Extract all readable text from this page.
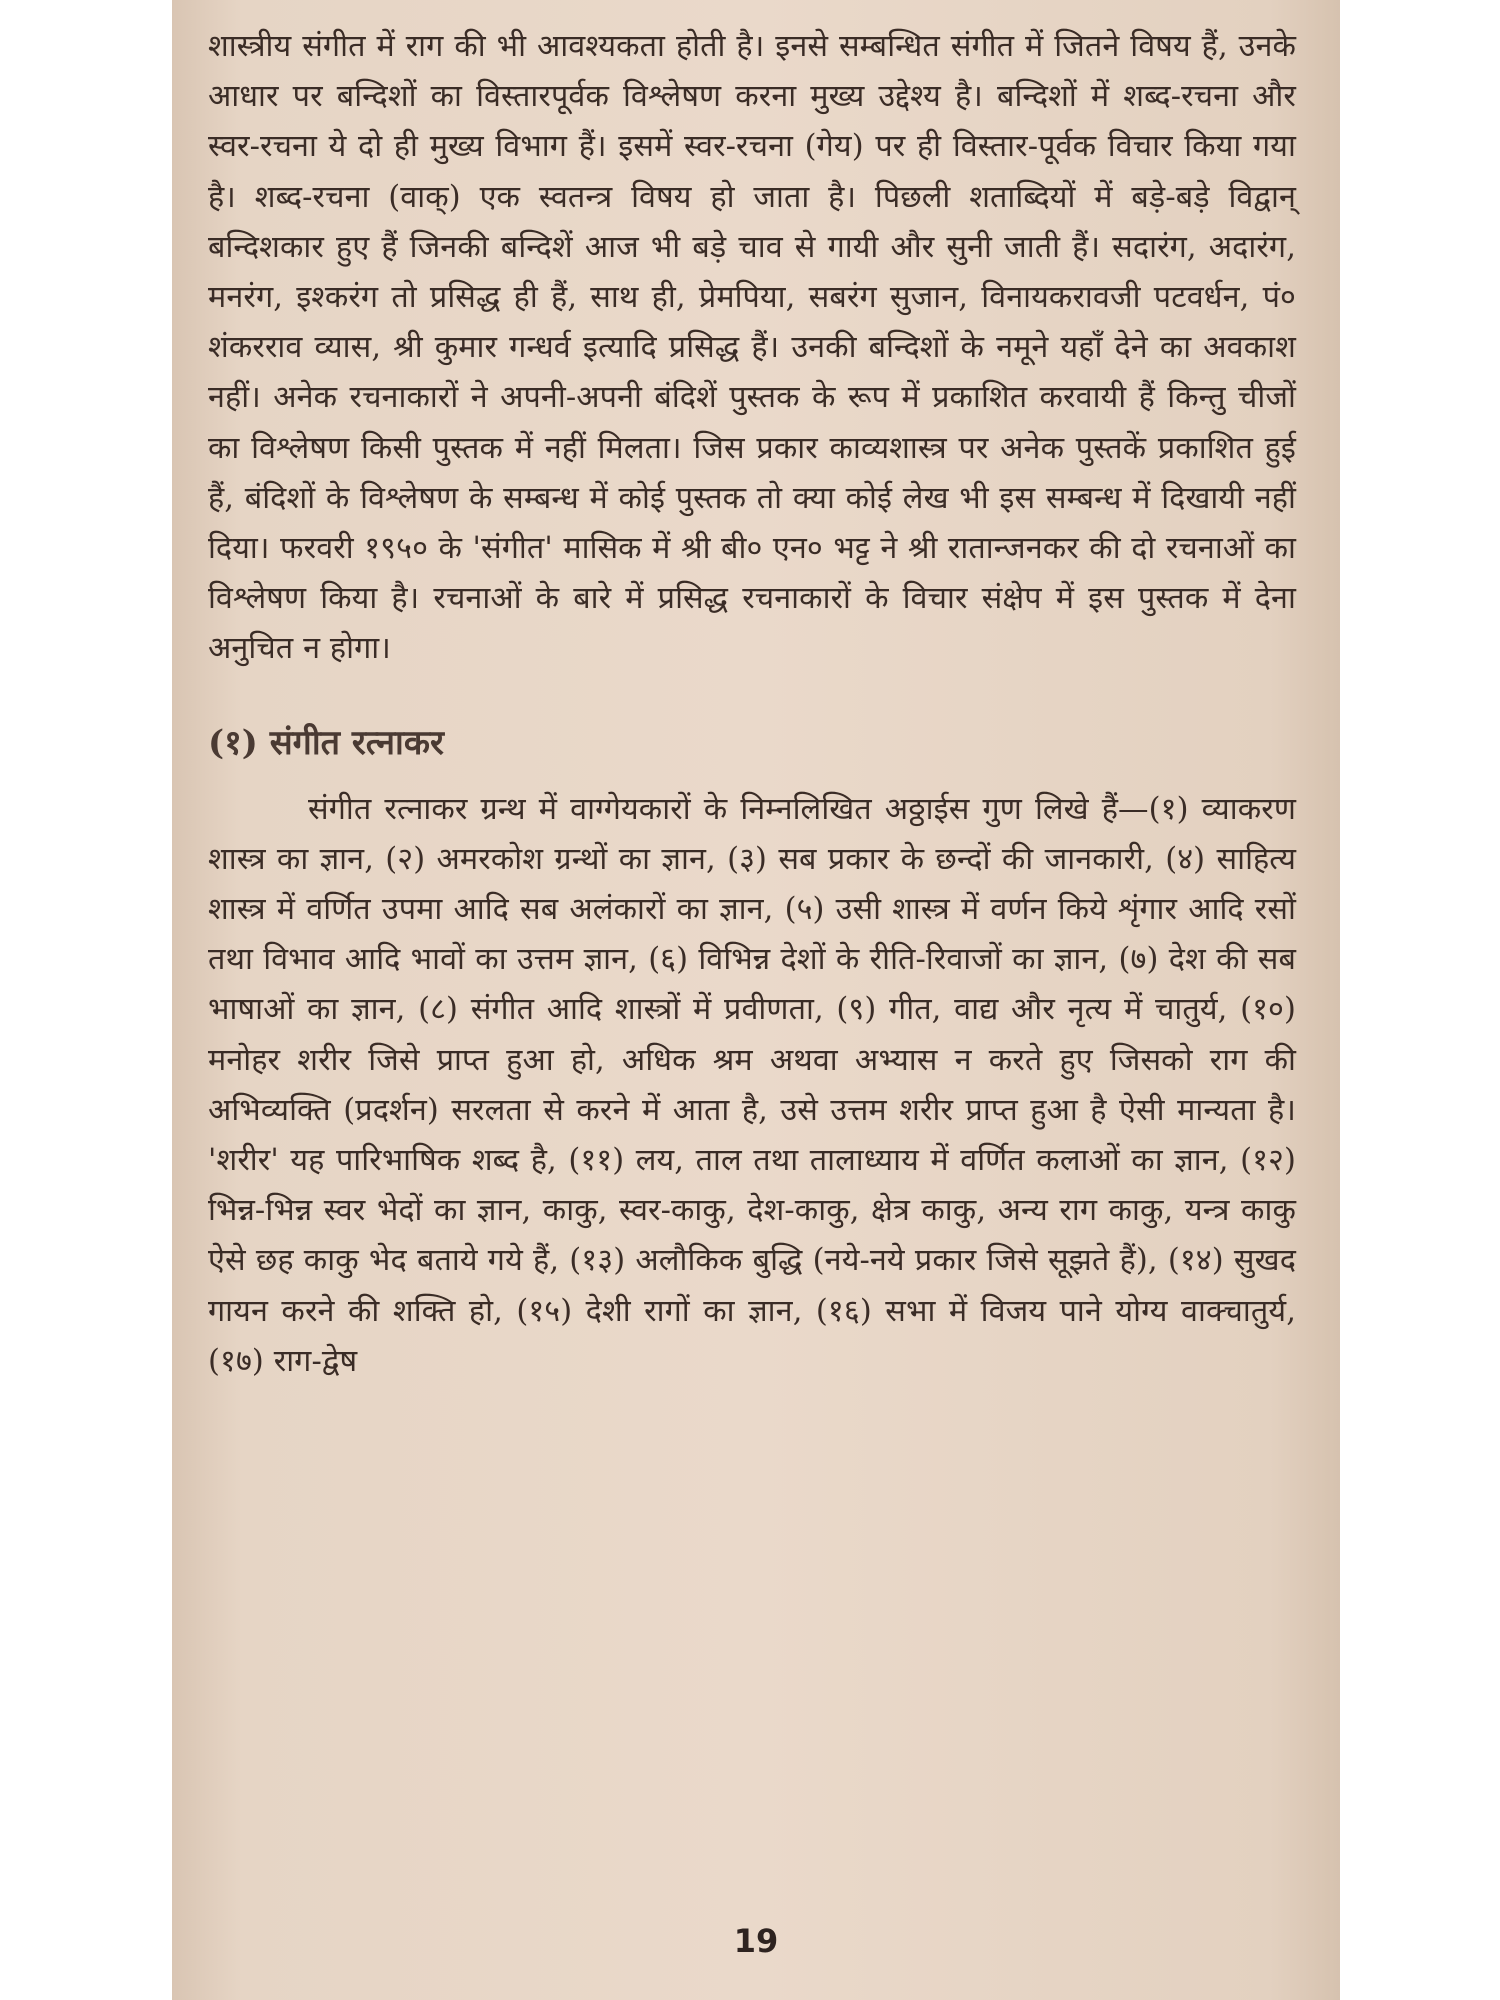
शास्त्रीय संगीत में राग की भी आवश्यकता होती है। इनसे सम्बन्धित संगीत में जितने विषय हैं, उनके आधार पर बन्दिशों का विस्तारपूर्वक विश्लेषण करना मुख्य उद्देश्य है। बन्दिशों में शब्द-रचना और स्वर-रचना ये दो ही मुख्य विभाग हैं। इसमें स्वर-रचना (गेय) पर ही विस्तार-पूर्वक विचार किया गया है। शब्द-रचना (वाक्) एक स्वतन्त्र विषय हो जाता है। पिछली शताब्दियों में बड़े-बड़े विद्वान् बन्दिशकार हुए हैं जिनकी बन्दिशें आज भी बड़े चाव से गायी और सुनी जाती हैं। सदारंग, अदारंग, मनरंग, इश्करंग तो प्रसिद्ध ही हैं, साथ ही, प्रेमपिया, सबरंग सुजान, विनायकरावजी पटवर्धन, पं० शंकरराव व्यास, श्री कुमार गन्धर्व इत्यादि प्रसिद्ध हैं। उनकी बन्दिशों के नमूने यहाँ देने का अवकाश नहीं। अनेक रचनाकारों ने अपनी-अपनी बंदिशें पुस्तक के रूप में प्रकाशित करवायी हैं किन्तु चीजों का विश्लेषण किसी पुस्तक में नहीं मिलता। जिस प्रकार काव्यशास्त्र पर अनेक पुस्तकें प्रकाशित हुई हैं, बंदिशों के विश्लेषण के सम्बन्ध में कोई पुस्तक तो क्या कोई लेख भी इस सम्बन्ध में दिखायी नहीं दिया। फरवरी १९५० के 'संगीत' मासिक में श्री बी० एन० भट्ट ने श्री रातान्जनकर की दो रचनाओं का विश्लेषण किया है। रचनाओं के बारे में प्रसिद्ध रचनाकारों के विचार संक्षेप में इस पुस्तक में देना अनुचित न होगा।

(१) संगीत रत्नाकर

संगीत रत्नाकर ग्रन्थ में वाग्गेयकारों के निम्नलिखित अठ्ठाईस गुण लिखे हैं—(१) व्याकरण शास्त्र का ज्ञान, (२) अमरकोश ग्रन्थों का ज्ञान, (३) सब प्रकार के छन्दों की जानकारी, (४) साहित्य शास्त्र में वर्णित उपमा आदि सब अलंकारों का ज्ञान, (५) उसी शास्त्र में वर्णन किये शृंगार आदि रसों तथा विभाव आदि भावों का उत्तम ज्ञान, (६) विभिन्न देशों के रीति-रिवाजों का ज्ञान, (७) देश की सब भाषाओं का ज्ञान, (८) संगीत आदि शास्त्रों में प्रवीणता, (९) गीत, वाद्य और नृत्य में चातुर्य, (१०) मनोहर शरीर जिसे प्राप्त हुआ हो, अधिक श्रम अथवा अभ्यास न करते हुए जिसको राग की अभिव्यक्ति (प्रदर्शन) सरलता से करने में आता है, उसे उत्तम शरीर प्राप्त हुआ है ऐसी मान्यता है। 'शरीर' यह पारिभाषिक शब्द है, (११) लय, ताल तथा तालाध्याय में वर्णित कलाओं का ज्ञान, (१२) भिन्न-भिन्न स्वर भेदों का ज्ञान, काकु, स्वर-काकु, देश-काकु, क्षेत्र काकु, अन्य राग काकु, यन्त्र काकु ऐसे छह काकु भेद बताये गये हैं, (१३) अलौकिक बुद्धि (नये-नये प्रकार जिसे सूझते हैं), (१४) सुखद गायन करने की शक्ति हो, (१५) देशी रागों का ज्ञान, (१६) सभा में विजय पाने योग्य वाक्चातुर्य, (१७) राग-द्वेष

19
